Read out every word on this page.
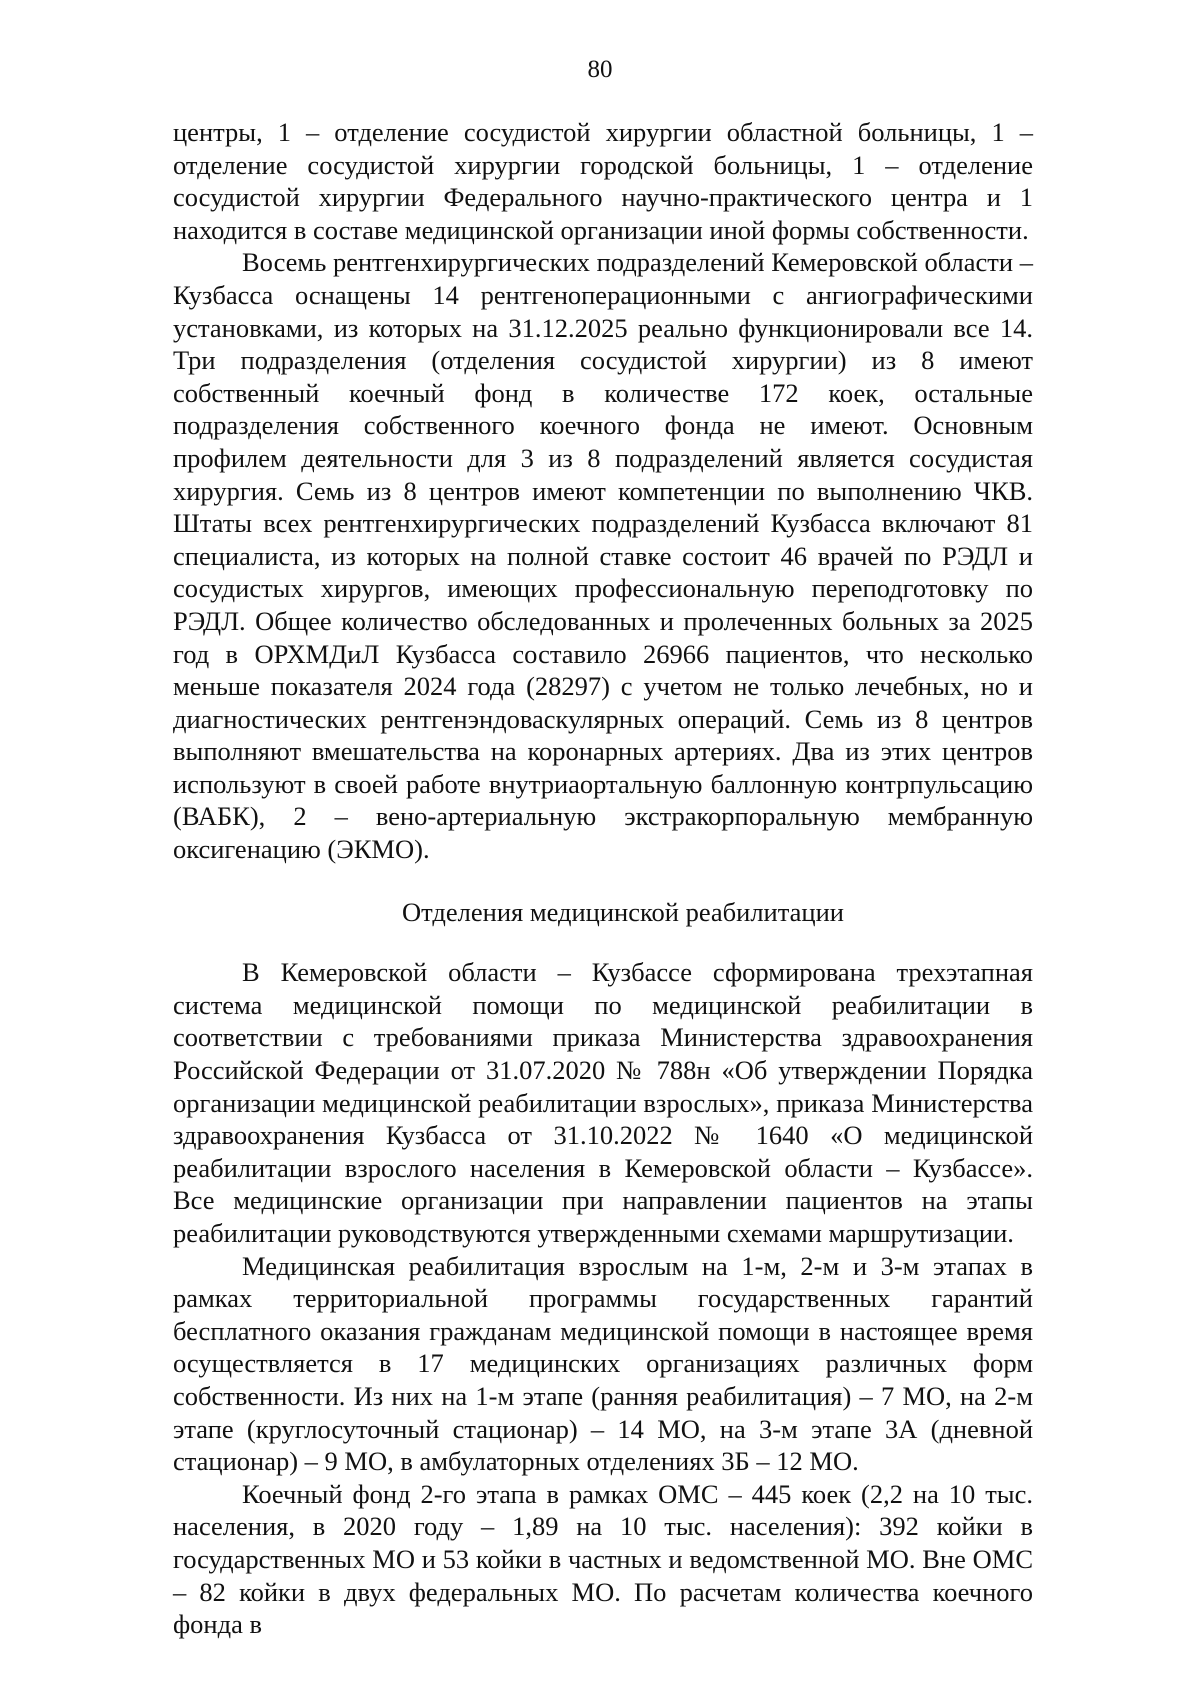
80

центры, 1 – отделение сосудистой хирургии областной больницы, 1 – отделение сосудистой хирургии городской больницы, 1 – отделение сосудистой хирургии Федерального научно-практического центра и 1 находится в составе медицинской организации иной формы собственности.

Восемь рентгенхирургических подразделений Кемеровской области – Кузбасса оснащены 14 рентгеноперационными с ангиографическими установками, из которых на 31.12.2025 реально функционировали все 14. Три подразделения (отделения сосудистой хирургии) из 8 имеют собственный коечный фонд в количестве 172 коек, остальные подразделения собственного коечного фонда не имеют. Основным профилем деятельности для 3 из 8 подразделений является сосудистая хирургия. Семь из 8 центров имеют компетенции по выполнению ЧКВ. Штаты всех рентгенхирургических подразделений Кузбасса включают 81 специалиста, из которых на полной ставке состоит 46 врачей по РЭДЛ и сосудистых хирургов, имеющих профессиональную переподготовку по РЭДЛ. Общее количество обследованных и пролеченных больных за 2025 год в ОРХМДиЛ Кузбасса составило 26966 пациентов, что несколько меньше показателя 2024 года (28297) с учетом не только лечебных, но и диагностических рентгенэндоваскулярных операций. Семь из 8 центров выполняют вмешательства на коронарных артериях. Два из этих центров используют в своей работе внутриаортальную баллонную контрпульсацию (ВАБК), 2 – вено-артериальную экстракорпоральную мембранную оксигенацию (ЭКМО).

Отделения медицинской реабилитации

В Кемеровской области – Кузбассе сформирована трехэтапная система медицинской помощи по медицинской реабилитации в соответствии с требованиями приказа Министерства здравоохранения Российской Федерации от 31.07.2020 № 788н «Об утверждении Порядка организации медицинской реабилитации взрослых», приказа Министерства здравоохранения Кузбасса от 31.10.2022 № 1640 «О медицинской реабилитации взрослого населения в Кемеровской области – Кузбассе». Все медицинские организации при направлении пациентов на этапы реабилитации руководствуются утвержденными схемами маршрутизации.

Медицинская реабилитация взрослым на 1-м, 2-м и 3-м этапах в рамках территориальной программы государственных гарантий бесплатного оказания гражданам медицинской помощи в настоящее время осуществляется в 17 медицинских организациях различных форм собственности. Из них на 1-м этапе (ранняя реабилитация) – 7 МО, на 2-м этапе (круглосуточный стационар) – 14 МО, на 3-м этапе 3А (дневной стационар) – 9 МО, в амбулаторных отделениях 3Б – 12 МО.

Коечный фонд 2-го этапа в рамках ОМС – 445 коек (2,2 на 10 тыс. населения, в 2020 году – 1,89 на 10 тыс. населения): 392 койки в государственных МО и 53 койки в частных и ведомственной МО. Вне ОМС – 82 койки в двух федеральных МО. По расчетам количества коечного фонда в
